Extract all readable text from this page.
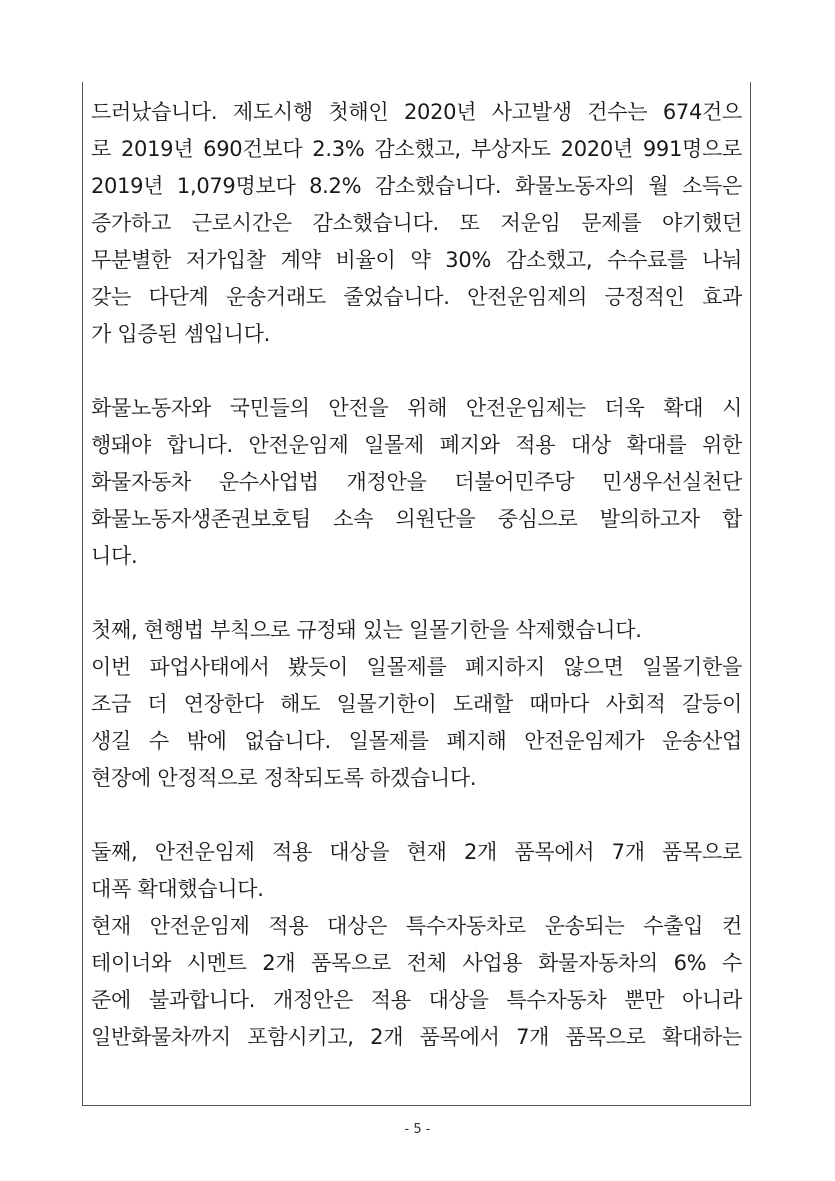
드러났습니다. 제도시행 첫해인 2020년 사고발생 건수는 674건으
로 2019년 690건보다 2.3% 감소했고, 부상자도 2020년 991명으로
2019년 1,079명보다 8.2% 감소했습니다. 화물노동자의 월 소득은
증가하고 근로시간은 감소했습니다. 또 저운임 문제를 야기했던
무분별한 저가입찰 계약 비율이 약 30% 감소했고, 수수료를 나눠
갖는 다단계 운송거래도 줄었습니다. 안전운임제의 긍정적인 효과
가 입증된 셈입니다.
화물노동자와 국민들의 안전을 위해 안전운임제는 더욱 확대 시
행돼야 합니다. 안전운임제 일몰제 폐지와 적용 대상 확대를 위한
화물자동차 운수사업법 개정안을 더불어민주당 민생우선실천단
화물노동자생존권보호팀 소속 의원단을 중심으로 발의하고자 합
니다.
첫째, 현행법 부칙으로 규정돼 있는 일몰기한을 삭제했습니다.
이번 파업사태에서 봤듯이 일몰제를 폐지하지 않으면 일몰기한을
조금 더 연장한다 해도 일몰기한이 도래할 때마다 사회적 갈등이
생길 수 밖에 없습니다. 일몰제를 폐지해 안전운임제가 운송산업
현장에 안정적으로 정착되도록 하겠습니다.
둘째, 안전운임제 적용 대상을 현재 2개 품목에서 7개 품목으로
대폭 확대했습니다.
현재 안전운임제 적용 대상은 특수자동차로 운송되는 수출입 컨
테이너와 시멘트 2개 품목으로 전체 사업용 화물자동차의 6% 수
준에 불과합니다. 개정안은 적용 대상을 특수자동차 뿐만 아니라
일반화물차까지 포함시키고, 2개 품목에서 7개 품목으로 확대하는
- 5 -
